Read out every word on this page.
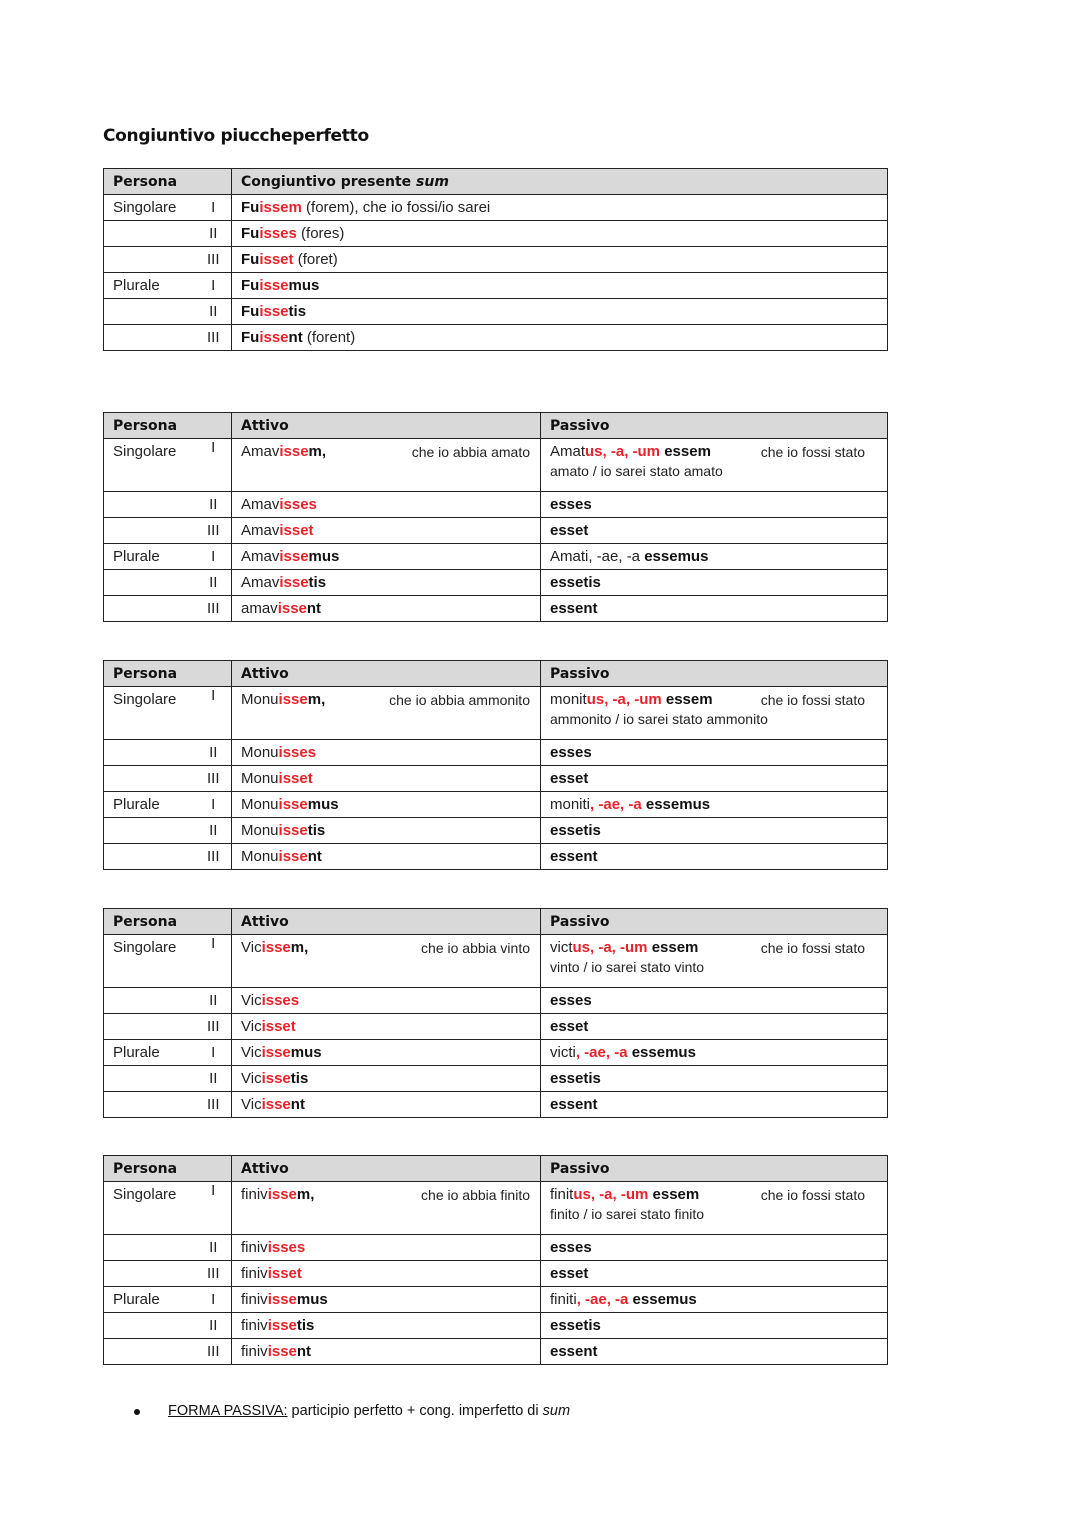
Congiuntivo piuccheperfetto
Persona		Congiuntivo presente sum
Singolare	I	Fuissem (forem), che io fossi/io sarei
	II	Fuisses (fores)
	III	Fuisset (foret)
Plurale	I	Fuissemus
	II	Fuissetis
	III	Fuissent (forent)
Persona		Attivo	Passivo
Singolare	I	Amavissem, che io abbia amato	Amatus, -a, -um essem che io fossi stato
amato / io sarei stato amato

	II	Amavisses	esses
	III	Amavisset	esset
Plurale	I	Amavissemus	Amati, -ae, -a essemus
	II	Amavissetis	essetis
	III	amavissent	essent
Persona		Attivo	Passivo
Singolare	I	Monuissem, che io abbia ammonito	monitus, -a, -um essem che io fossi stato
ammonito / io sarei stato ammonito

	II	Monuisses	esses
	III	Monuisset	esset
Plurale	I	Monuissemus	moniti, -ae, -a essemus
	II	Monuissetis	essetis
	III	Monuissent	essent
Persona		Attivo	Passivo
Singolare	I	Vicissem, che io abbia vinto	victus, -a, -um essem che io fossi stato
vinto / io sarei stato vinto

	II	Vicisses	esses
	III	Vicisset	esset
Plurale	I	Vicissemus	victi, -ae, -a essemus
	II	Vicissetis	essetis
	III	Vicissent	essent
Persona		Attivo	Passivo
Singolare	I	finivissem, che io abbia finito	finitus, -a, -um essem che io fossi stato
finito / io sarei stato finito

	II	finivisses	esses
	III	finivisset	esset
Plurale	I	finivissemus	finiti, -ae, -a essemus
	II	finivissetis	essetis
	III	finivissent	essent
FORMA PASSIVA: participio perfetto + cong. imperfetto di sum
